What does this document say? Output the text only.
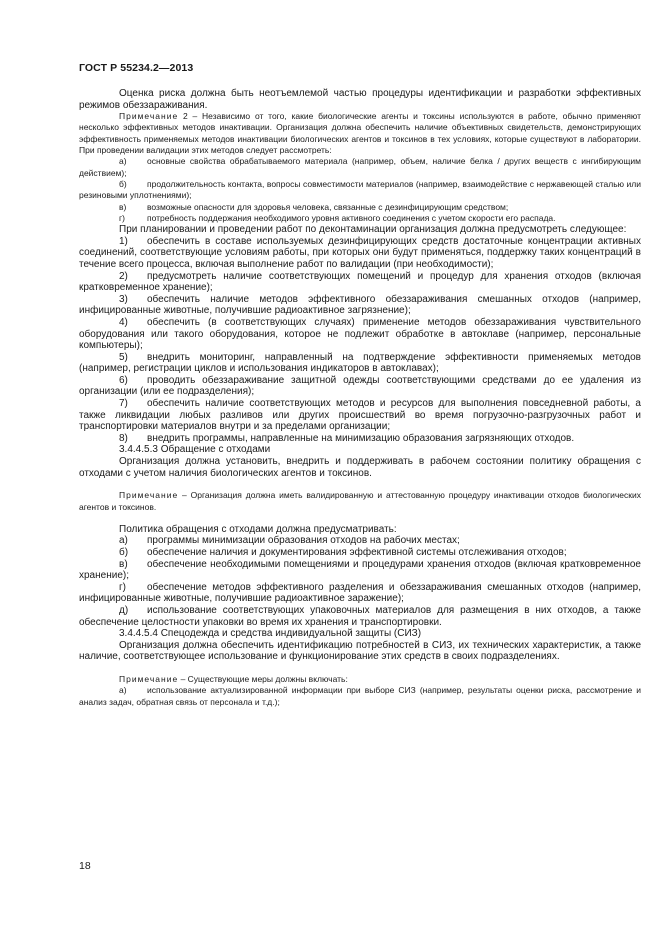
ГОСТ Р 55234.2—2013

Оценка риска должна быть неотъемлемой частью процедуры идентификации и разработки эффективных режимов обеззараживания.

Примечание 2 – Независимо от того, какие биологические агенты и токсины используются в работе, обычно применяют несколько эффективных методов инактивации. Организация должна обеспечить наличие объективных свидетельств, демонстрирующих эффективность применяемых методов инактивации биологических агентов и токсинов в тех условиях, которые существуют в лаборатории. При проведении валидации этих методов следует рассмотреть:

а) основные свойства обрабатываемого материала (например, объем, наличие белка / других веществ с ингибирующим действием);

б) продолжительность контакта, вопросы совместимости материалов (например, взаимодействие с нержавеющей сталью или резиновыми уплотнениями);

в) возможные опасности для здоровья человека, связанные с дезинфицирующим средством;

г)	потребность поддержания необходимого уровня активного соединения с учетом скорости его распада.

При планировании и проведении работ по деконтаминации организация должна предусмотреть следующее:

1) обеспечить в составе используемых дезинфицирующих средств достаточные концентрации активных соединений, соответствующие условиям работы, при которых они будут применяться, поддержку таких концентраций в течение всего процесса, включая выполнение работ по валидации (при необходимости);

2) предусмотреть наличие соответствующих помещений и процедур для хранения отходов (включая кратковременное хранение);

3) обеспечить наличие методов эффективного обеззараживания смешанных отходов (например, инфицированные животные, получившие радиоактивное загрязнение);

4) обеспечить (в соответствующих случаях) применение методов обеззараживания чувствительного оборудования или такого оборудования, которое не подлежит обработке в автоклаве (например, персональные компьютеры);

5) внедрить мониторинг, направленный на подтверждение эффективности применяемых методов (например, регистрации циклов и использования индикаторов в автоклавах);

6) проводить обеззараживание защитной одежды соответствующими средствами до ее удаления из организации (или ее подразделения);

7) обеспечить наличие соответствующих методов и ресурсов для выполнения повседневной работы, а также ликвидации любых разливов или других происшествий во время погрузочно-разгрузочных работ и транспортировки материалов внутри и за пределами организации;

8) внедрить программы, направленные на минимизацию образования загрязняющих отходов.

3.4.4.5.3 Обращение с отходами

Организация должна установить, внедрить и поддерживать в рабочем состоянии политику обращения с отходами с учетом наличия биологических агентов и токсинов.

Примечание – Организация должна иметь валидированную и аттестованную процедуру инактивации отходов биологических агентов и токсинов.

Политика обращения с отходами должна предусматривать:

а) программы минимизации образования отходов на рабочих местах;

б) обеспечение наличия и документирования эффективной системы отслеживания отходов;

в) обеспечение необходимыми помещениями и процедурами хранения отходов (включая кратковременное хранение);

г) обеспечение методов эффективного разделения и обеззараживания смешанных отходов (например, инфицированные животные, получившие радиоактивное заражение);

д) использование соответствующих упаковочных материалов для размещения в них отходов, а также обеспечение целостности упаковки во время их хранения и транспортировки.

3.4.4.5.4 Спецодежда и средства индивидуальной защиты (СИЗ)

Организация должна обеспечить идентификацию потребностей в СИЗ, их технических характеристик, а также наличие, соответствующее использование и функционирование этих средств в своих подразделениях.

Примечание – Существующие меры должны включать:

а) использование актуализированной информации при выборе СИЗ (например, результаты оценки риска, рассмотрение и анализ задач, обратная связь от персонала и т.д.);

18
